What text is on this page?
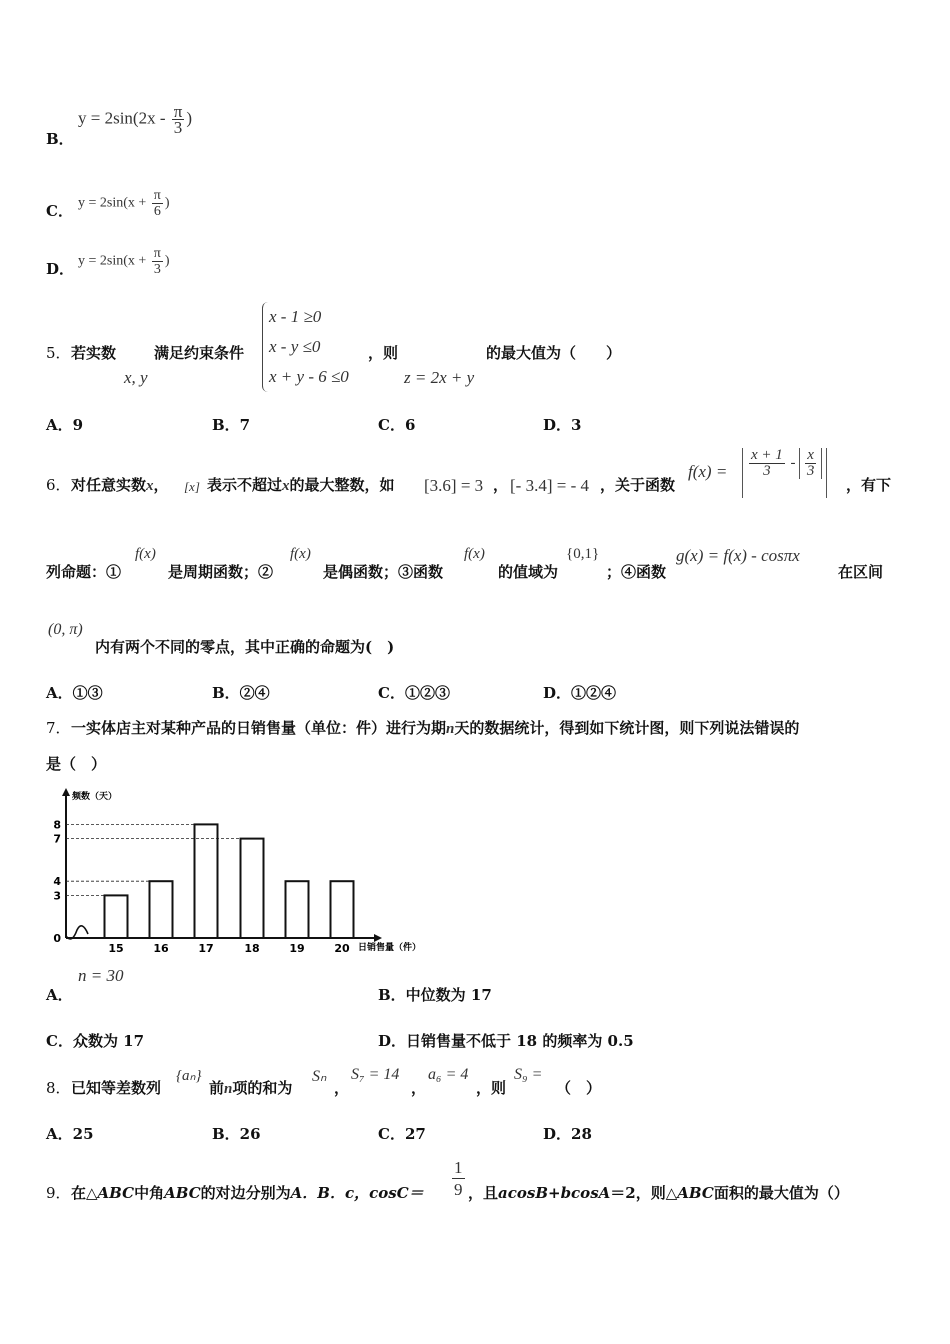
B．
$y = 2\sin(2x - \frac{\pi}{3}$ )
C． $y = 2\sin(x + \frac{\pi}{6}$ )
D． $y = 2\sin(x + \frac{\pi}{3}$ )
5． 若实数
x, y
满足约束条件
x - 1 ≥0
x - y ≤0
x + y - 6 ≤0
，则
z = 2x + y
的最大值为（　　）
A．9	B．7	C．6	D．3
6． 对任意实数x， [x] 表示不超过x的最大整数，如 [3.6] = 3 ， [- 3.4] = - 4 ，关于函数
$f(x) = \frac{x + 1}{3} - \frac{x}{3}$
，有下
列命题：①
f(x)
是周期函数；②
f(x)
是偶函数；③函数
f(x)
的值域为
{0,1}
；④函数
g(x) = f(x) - cosπx
在区间
(0, π)
内有两个不同的零点，其中正确的命题为(　)
A．①③	B．②④	C．①②③	D．①②④
7． 一实体店主对某种产品的日销售量（单位：件）进行为期n天的数据统计，得到如下统计图，则下列说法错误的
是（　）
0
3
4
7
8
15	16	17	18	19	20
频数（天）
日销售量（件）
A．
n = 30
B．中位数为 17
C．众数为 17	D．日销售量不低于 18 的频率为 0.5
8． 已知等差数列
{aₙ}
前n项的和为
Sₙ
，
S₇ = 14
，
a₆ = 4
，则
S₉ =
（　）
A．25	B．26	C．27	D．28
9． 在△ABC中角ABC的对边分别为A．B．c，$\cos C= \frac{1}{9}$ ，且acosB+bcosA＝2，则△ABC面积的最大值为（）
